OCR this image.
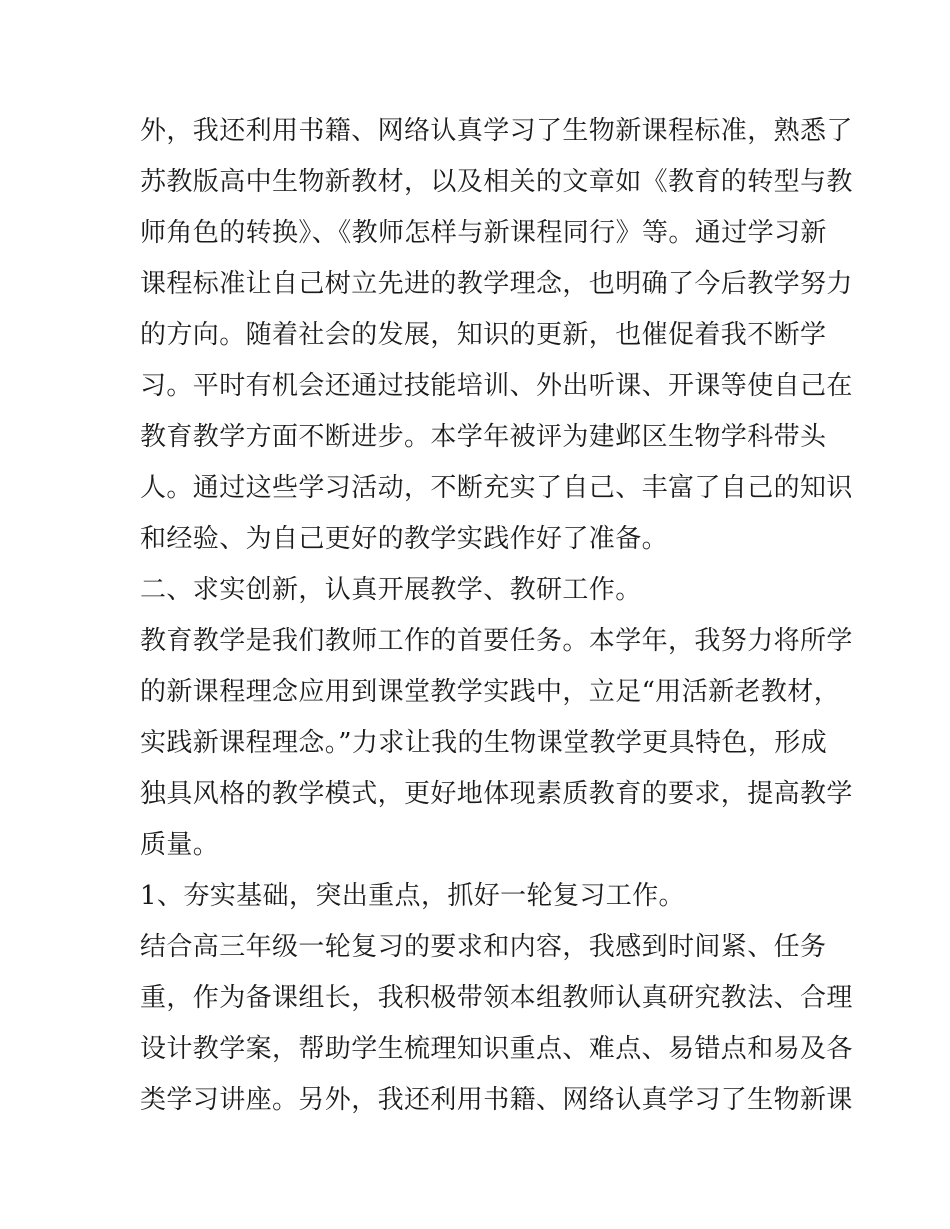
外，我还利用书籍、网络认真学习了生物新课程标准，熟悉了
苏教版高中生物新教材，以及相关的文章如《教育的转型与教
师角色的转换》、《教师怎样与新课程同行》等。通过学习新
课程标准让自己树立先进的教学理念，也明确了今后教学努力
的方向。随着社会的发展，知识的更新，也催促着我不断学
习。平时有机会还通过技能培训、外出听课、开课等使自己在
教育教学方面不断进步。本学年被评为建邺区生物学科带头
人。通过这些学习活动，不断充实了自己、丰富了自己的知识
和经验、为自己更好的教学实践作好了准备。
二、求实创新，认真开展教学、教研工作。
教育教学是我们教师工作的首要任务。本学年，我努力将所学
的新课程理念应用到课堂教学实践中，立足“用活新老教材，
实践新课程理念。”力求让我的生物课堂教学更具特色，形成
独具风格的教学模式，更好地体现素质教育的要求，提高教学
质量。
1、夯实基础，突出重点，抓好一轮复习工作。
结合高三年级一轮复习的要求和内容，我感到时间紧、任务
重，作为备课组长，我积极带领本组教师认真研究教法、合理
设计教学案，帮助学生梳理知识重点、难点、易错点和易及各
类学习讲座。另外，我还利用书籍、网络认真学习了生物新课
